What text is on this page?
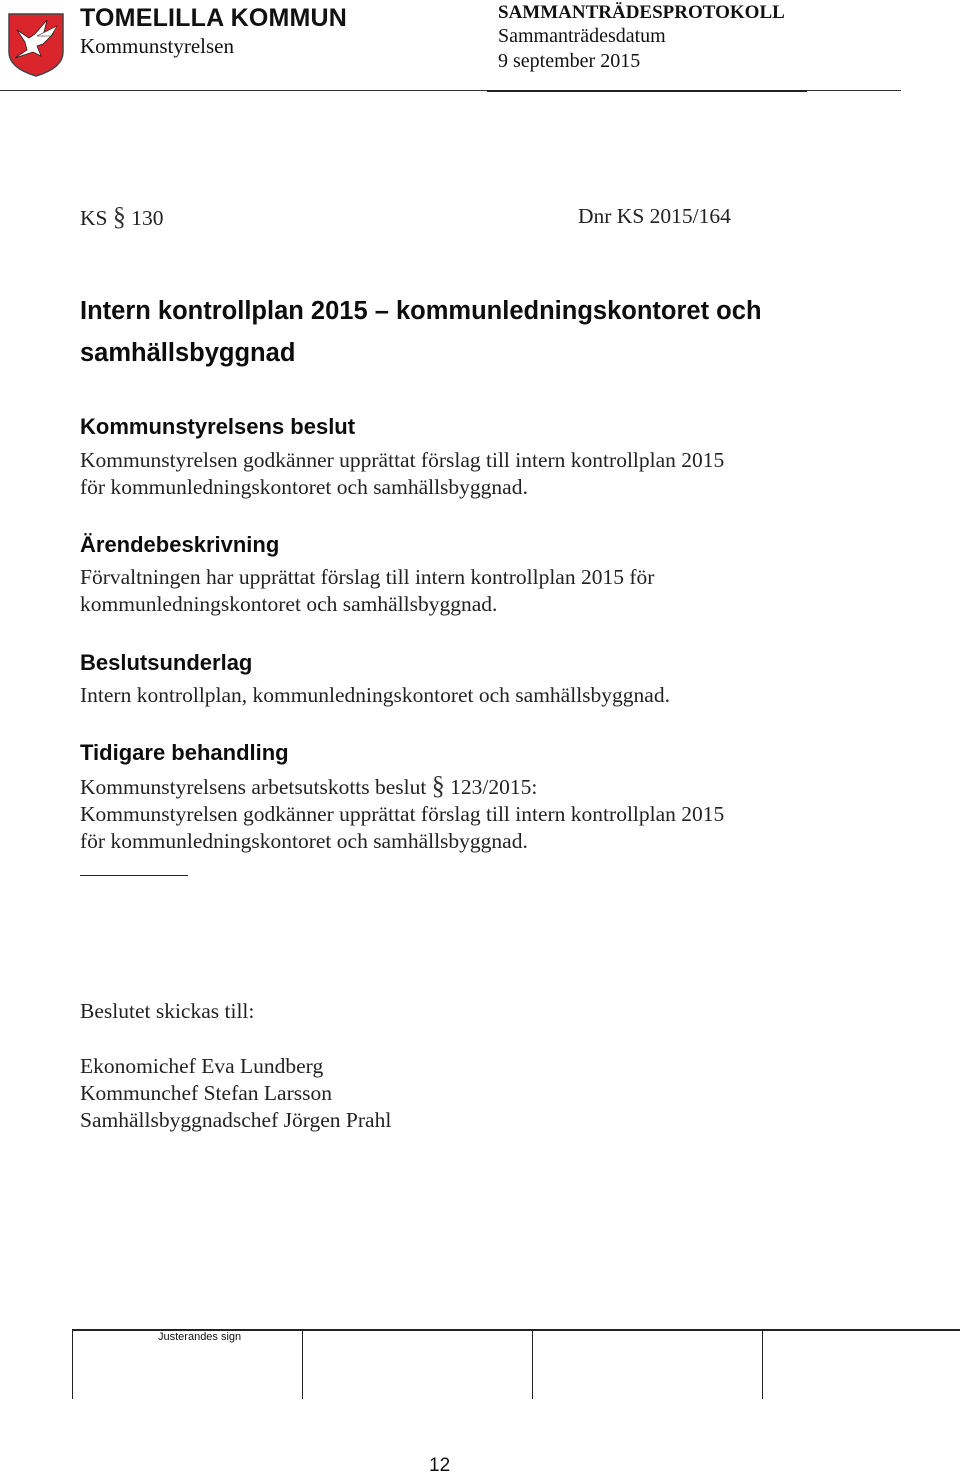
TOMELILLA KOMMUN
Kommunstyrelsen
SAMMANTRÄDESPROTOKOLL
Sammanträdesdatum
9 september 2015
KS § 130	Dnr KS 2015/164
Intern kontrollplan 2015 – kommunledningskontoret och samhällsbyggnad
Kommunstyrelsens beslut
Kommunstyrelsen godkänner upprättat förslag till intern kontrollplan 2015
för kommunledningskontoret och samhällsbyggnad.
Ärendebeskrivning
Förvaltningen har upprättat förslag till intern kontrollplan 2015 för
kommunledningskontoret och samhällsbyggnad.
Beslutsunderlag
Intern kontrollplan, kommunledningskontoret och samhällsbyggnad.
Tidigare behandling
Kommunstyrelsens arbetsutskotts beslut § 123/2015:
Kommunstyrelsen godkänner upprättat förslag till intern kontrollplan 2015
för kommunledningskontoret och samhällsbyggnad.
Beslutet skickas till:
Ekonomichef Eva Lundberg
Kommunchef Stefan Larsson
Samhällsbyggnadschef Jörgen Prahl
Justerandes sign
12
